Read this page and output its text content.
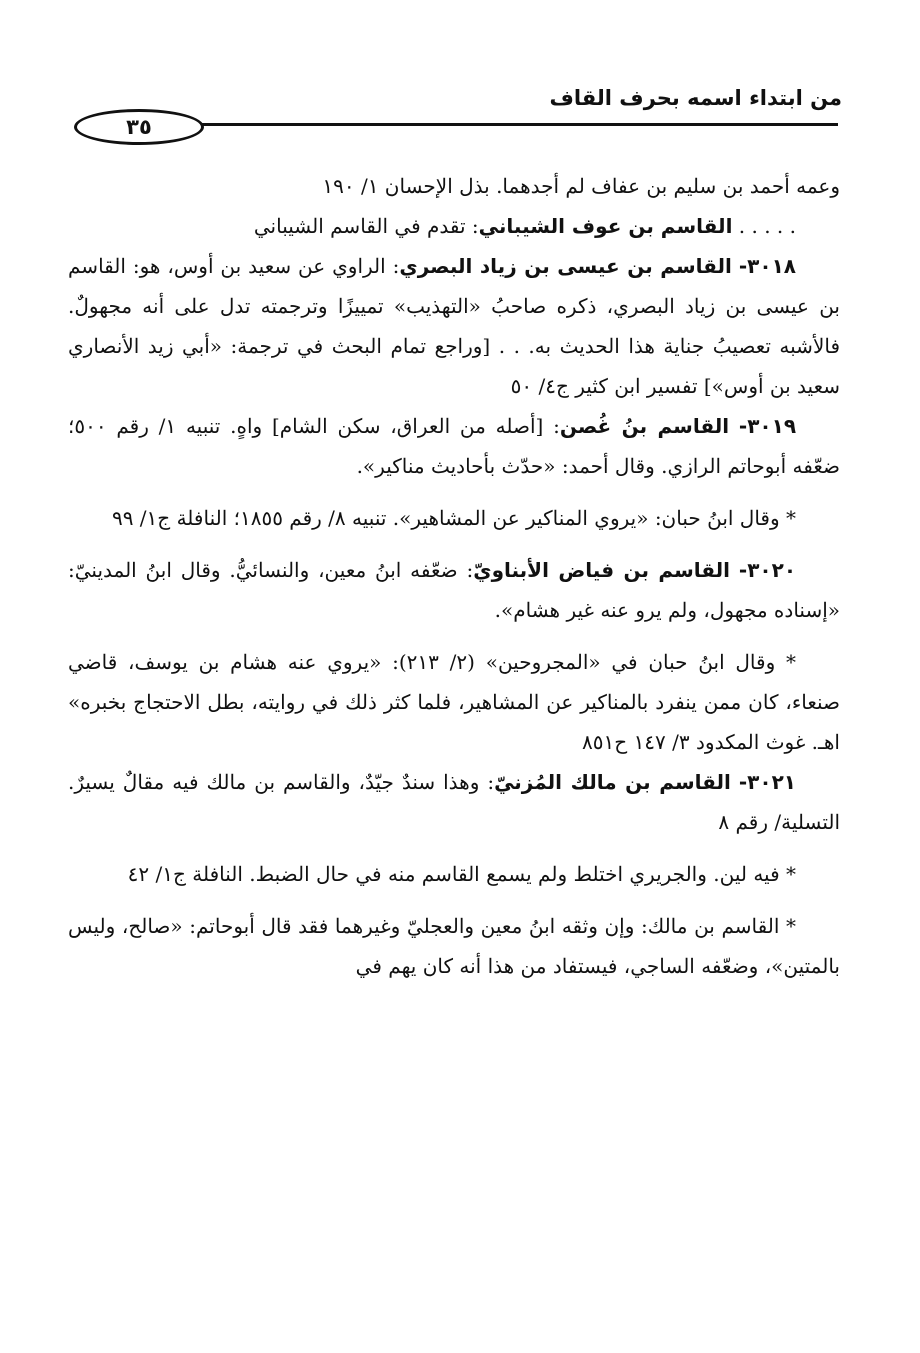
من ابتداء اسمه بحرف القاف
٣٥

وعمه أحمد بن سليم بن عفاف لم أجدهما. بذل الإحسان ١/ ١٩٠

. . . . . القاسم بن عوف الشيباني: تقدم في القاسم الشيباني

٣٠١٨- القاسم بن عيسى بن زياد البصري: الراوي عن سعيد بن أوس، هو: القاسم بن عيسى بن زياد البصري، ذكره صاحبُ «التهذيب» تمييزًا وترجمته تدل على أنه مجهولٌ. فالأشبه تعصيبُ جناية هذا الحديث به. . . [وراجع تمام البحث في ترجمة: «أبي زيد الأنصاري سعيد بن أوس»] تفسير ابن كثير ج٤/ ٥٠

٣٠١٩- القاسم بنُ غُصن: [أصله من العراق، سكن الشام] واهٍ. تنبيه ١/ رقم ٥٠٠؛ ضعّفه أبوحاتم الرازي. وقال أحمد: «حدّث بأحاديث مناكير».

* وقال ابنُ حبان: «يروي المناكير عن المشاهير». تنبيه ٨/ رقم ١٨٥٥؛ النافلة ج١/ ٩٩

٣٠٢٠- القاسم بن فياض الأبناويّ: ضعّفه ابنُ معين، والنسائيُّ. وقال ابنُ المدينيّ: «إسناده مجهول، ولم يرو عنه غير هشام».

* وقال ابنُ حبان في «المجروحين» (٢/ ٢١٣): «يروي عنه هشام بن يوسف، قاضي صنعاء، كان ممن ينفرد بالمناكير عن المشاهير، فلما كثر ذلك في روايته، بطل الاحتجاج بخبره» اهـ. غوث المكدود ٣/ ١٤٧ ح٨٥١

٣٠٢١- القاسم بن مالك المُزنيّ: وهذا سندٌ جيّدٌ، والقاسم بن مالك فيه مقالٌ يسيرٌ. التسلية/ رقم ٨

* فيه لين. والجريري اختلط ولم يسمع القاسم منه في حال الضبط. النافلة ج١/ ٤٢

* القاسم بن مالك: وإن وثقه ابنُ معين والعجليّ وغيرهما فقد قال أبوحاتم: «صالح، وليس بالمتين»، وضعّفه الساجي، فيستفاد من هذا أنه كان يهم في
